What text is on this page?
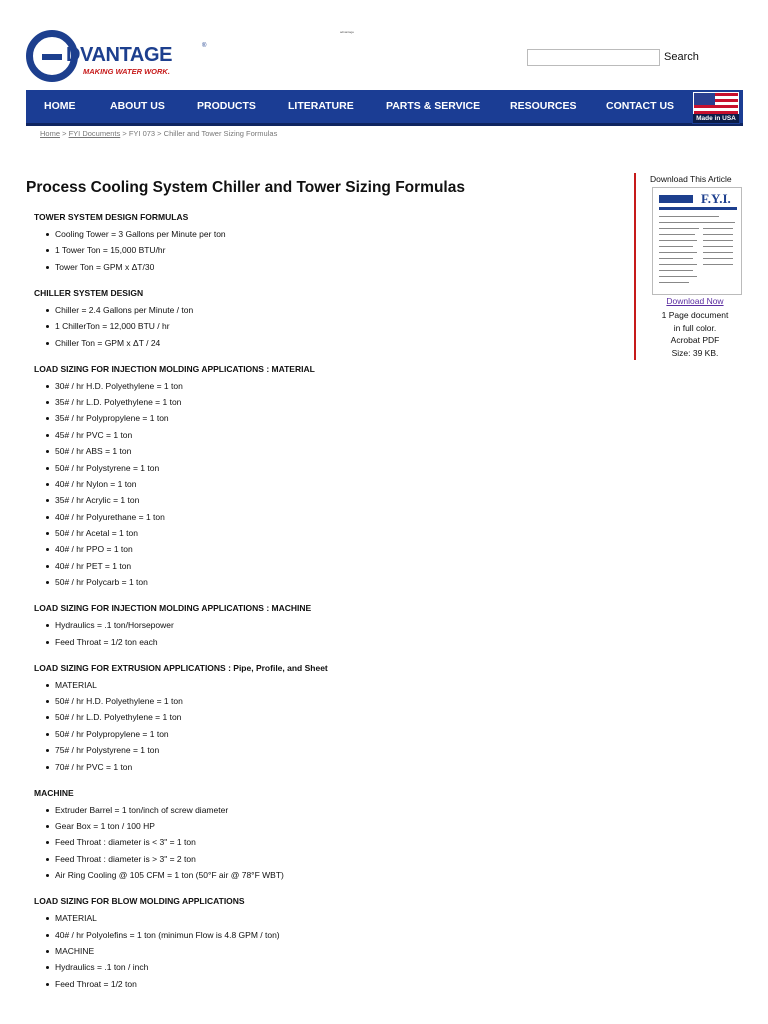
advantage
DVANTAGE	®
MAKING WATER WORK.
Search
HOME	ABOUT US	PRODUCTS	LITERATURE	PARTS & SERVICE	RESOURCES	CONTACT US
Made in USA
Home > FYI Documents > FYI 073 > Chiller and Tower Sizing Formulas
Process Cooling System Chiller and Tower Sizing Formulas
TOWER SYSTEM DESIGN FORMULAS
Cooling Tower = 3 Gallons per Minute per ton
1 Tower Ton = 15,000 BTU/hr
Tower Ton = GPM x ΔT/30
CHILLER SYSTEM DESIGN
Chiller = 2.4 Gallons per Minute / ton
1 ChillerTon = 12,000 BTU / hr
Chiller Ton = GPM x ΔT / 24
LOAD SIZING FOR INJECTION MOLDING APPLICATIONS : MATERIAL
30# / hr H.D. Polyethylene = 1 ton
35# / hr L.D. Polyethylene = 1 ton
35# / hr Polypropylene = 1 ton
45# / hr PVC = 1 ton
50# / hr ABS = 1 ton
50# / hr Polystyrene = 1 ton
40# / hr Nylon = 1 ton
35# / hr Acrylic = 1 ton
40# / hr Polyurethane = 1 ton
50# / hr Acetal = 1 ton
40# / hr PPO = 1 ton
40# / hr PET = 1 ton
50# / hr Polycarb = 1 ton
LOAD SIZING FOR INJECTION MOLDING APPLICATIONS : MACHINE
Hydraulics = .1 ton/Horsepower
Feed Throat = 1/2 ton each
LOAD SIZING FOR EXTRUSION APPLICATIONS : Pipe, Profile, and Sheet
MATERIAL
50# / hr H.D. Polyethylene = 1 ton
50# / hr L.D. Polyethylene = 1 ton
50# / hr Polypropylene = 1 ton
75# / hr Polystyrene = 1 ton
70# / hr PVC = 1 ton
MACHINE
Extruder Barrel = 1 ton/inch of screw diameter
Gear Box = 1 ton / 100 HP
Feed Throat : diameter is < 3" = 1 ton
Feed Throat : diameter is > 3" = 2 ton
Air Ring Cooling @ 105 CFM = 1 ton (50°F air @ 78°F WBT)
LOAD SIZING FOR BLOW MOLDING APPLICATIONS
MATERIAL
40# / hr Polyolefins = 1 ton (minimun Flow is 4.8 GPM / ton)
MACHINE
Hydraulics = .1 ton / inch
Feed Throat = 1/2 ton
Download This Article
F.Y.I.
Download Now
1 Page document
in full color.
Acrobat PDF
Size: 39 KB.
